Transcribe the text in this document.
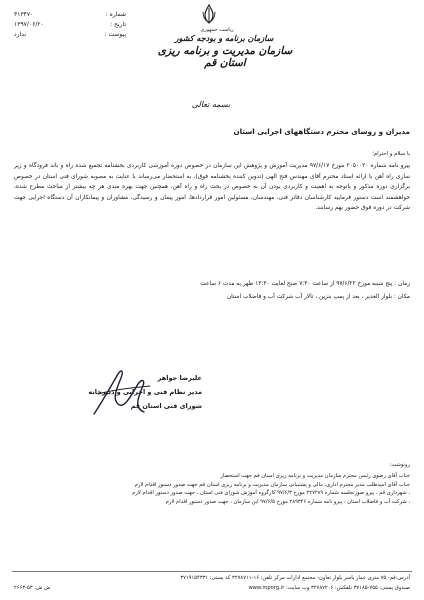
شماره :
تاریخ :
پیوست :
۳۱۳۴۷۰
۱۳۹۷/۰۶/۲۰
ندارد
ریاست جمهوری
سازمان برنامه و بودجه کشور
سازمان مدیریت و برنامه ریزی استان قم
بسمه تعالی
مدیران و روسای محترم دستگاههای اجرایی استان
با سلام و احترام؛
پیرو نامه شماره ۲۰۵۰۰۲۰ مورخ ۹۷/۶/۱۷ مدیریت آموزش و پژوهش این سازمان در خصوص دوره آموزشی کاربردی بخشنامه تجمیع شده راه و باند فرودگاه و زیر سازی راه آهن با ارائه استاد محترم آقای مهندس فتح الهی (تدوین کننده بخشنامه فوق)، به استحضار می‌رساند با عنایت به مصوبه شورای فنی استان در خصوص برگزاری دوره مذکور و باتوجه به اهمیت و کاربردی بودن آن به خصوص در بحث راه و راه آهن، همچنین جهت بهره مندی هر چه بیشتر از مباحث مطرح شده، خواهشمند است دستور فرمایید کارشناسان دفاتر فنی، مهندسان، مسئولین امور قراردادها، امور پیمان و رسیدگی، مشاوران و پیمانکاران آن دستگاه اجرایی جهت شرکت در دوره فوق حضور بهم رسانند.
زمان : پنج شنبه مورخ ۹۷/۶/۲۲ از ساعت ۷:۳۰ صبح لغایت ۱۳:۳۰ ظهر به مدت ۶ ساعت
مکان : بلوار الغدیر ، بعد از پمپ بنزین ، تالار آب شرکت آب و فاضلاب استان
علیرضا جواهر
مدیر نظام فنی و اجرایی و دبیرخانه
شورای فنی استان قم
رونوشت:
جناب آقای رضوی رئیس محترم سازمان مدیریت و برنامه ریزی استان قم جهت استحضار
جناب آقای امیدطلب مدیر محترم اداری، مالی و پشتیبانی سازمان مدیریت و برنامه ریزی استان قم جهت صدور دستور اقدام لازم
، شهرداری قم ، پیرو صورتجلسه شماره ۲۲۷۲۸۹ مورخ ۹۷/۶/۳ کارگروه آموزش شورای فنی استان ، جهت صدور دستور اقدام لازم
، شرکت آب و فاضلاب استان ، پیرو نامه شماره ۲۸۹۳۴۶ مورخ ۹۷/۶/۵ این سازمان ، جهت صدور دستور اقدام لازم
آدرس:قم- ۷۵ متری عمار یاسر بلوار تعاون- مجتمع ادارات مرکز تلفن: ۱۶-۳۲۷۸۷۱۱ کد پستی: ۳۷۱۹۱۵۴۳۳۱
صندوق پستی: ۷۵۵-۳۷۱۸۵ تلفکس: ۳۲۷۸۷۲۰۶ وب سایت: www.mporg.ir
ش ش: ۵۳-۲۶۶۳
